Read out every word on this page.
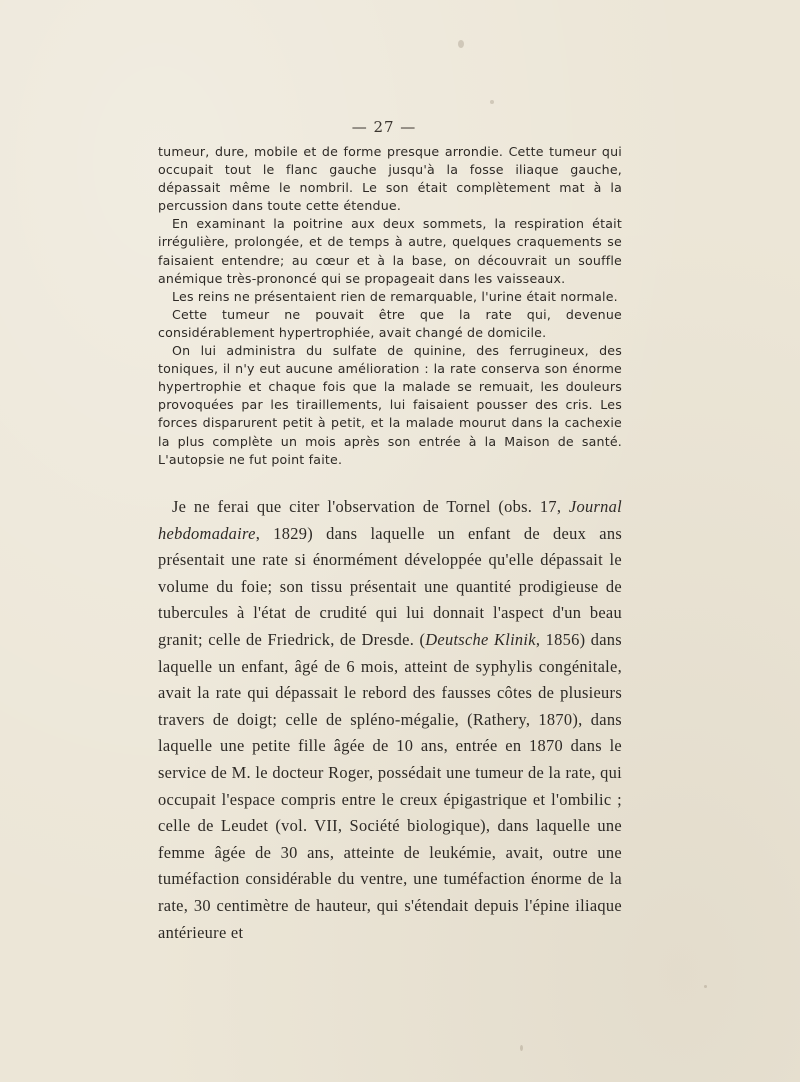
— 27 —

tumeur, dure, mobile et de forme presque arrondie. Cette tumeur qui occupait tout le flanc gauche jusqu'à la fosse iliaque gauche, dépassait même le nombril. Le son était complètement mat à la percussion dans toute cette étendue.

En examinant la poitrine aux deux sommets, la respiration était irrégulière, prolongée, et de temps à autre, quelques craquements se faisaient entendre; au cœur et à la base, on découvrait un souffle anémique très-prononcé qui se propageait dans les vaisseaux.

Les reins ne présentaient rien de remarquable, l'urine était normale.

Cette tumeur ne pouvait être que la rate qui, devenue considérablement hypertrophiée, avait changé de domicile.

On lui administra du sulfate de quinine, des ferrugineux, des toniques, il n'y eut aucune amélioration : la rate conserva son énorme hypertrophie et chaque fois que la malade se remuait, les douleurs provoquées par les tiraillements, lui faisaient pousser des cris. Les forces disparurent petit à petit, et la malade mourut dans la cachexie la plus complète un mois après son entrée à la Maison de santé. L'autopsie ne fut point faite.

Je ne ferai que citer l'observation de Tornel (obs. 17, Journal hebdomadaire, 1829) dans laquelle un enfant de deux ans présentait une rate si énormément développée qu'elle dépassait le volume du foie; son tissu présentait une quantité prodigieuse de tubercules à l'état de crudité qui lui donnait l'aspect d'un beau granit; celle de Friedrick, de Dresde. (Deutsche Klinik, 1856) dans laquelle un enfant, âgé de 6 mois, atteint de syphylis congénitale, avait la rate qui dépassait le rebord des fausses côtes de plusieurs travers de doigt; celle de spléno-mégalie, (Rathery, 1870), dans laquelle une petite fille âgée de 10 ans, entrée en 1870 dans le service de M. le docteur Roger, possédait une tumeur de la rate, qui occupait l'espace compris entre le creux épigastrique et l'ombilic ; celle de Leudet (vol. VII, Société biologique), dans laquelle une femme âgée de 30 ans, atteinte de leukémie, avait, outre une tuméfaction considérable du ventre, une tuméfaction énorme de la rate, 30 centimètre de hauteur, qui s'étendait depuis l'épine iliaque antérieure et
